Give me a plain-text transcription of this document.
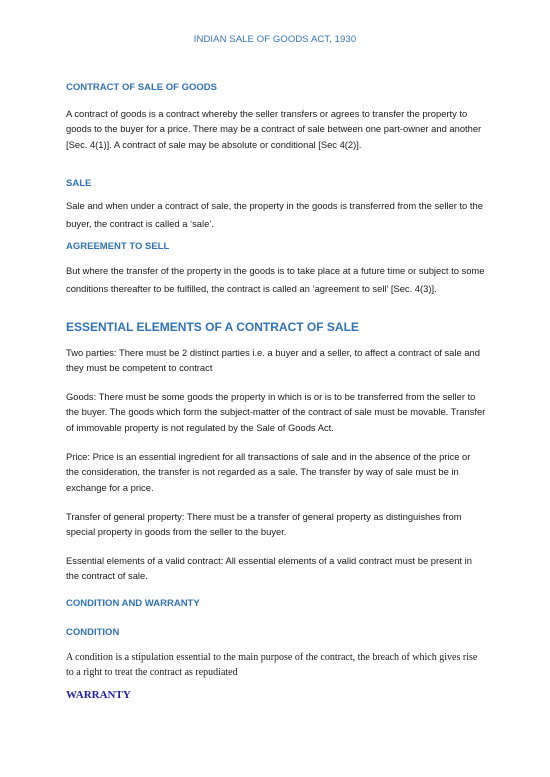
INDIAN SALE OF GOODS ACT, 1930
CONTRACT OF SALE OF GOODS

A contract of goods is a contract whereby the seller transfers or agrees to transfer the property to goods to the buyer for a price. There may be a contract of sale between one part-owner and another [Sec. 4(1)]. A contract of sale may be absolute or conditional [Sec 4(2)].

SALE

Sale and when under a contract of sale, the property in the goods is transferred from the seller to the buyer, the contract is called a ‘sale’.

AGREEMENT TO SELL

But where the transfer of the property in the goods is to take place at a future time or subject to some conditions thereafter to be fulfilled, the contract is called an ‘agreement to sell’ [Sec. 4(3)].

ESSENTIAL ELEMENTS OF A CONTRACT OF SALE

Two parties: There must be 2 distinct parties i.e. a buyer and a seller, to affect a contract of sale and they must be competent to contract

Goods: There must be some goods the property in which is or is to be transferred from the seller to the buyer. The goods which form the subject-matter of the contract of sale must be movable. Transfer of immovable property is not regulated by the Sale of Goods Act.

Price: Price is an essential ingredient for all transactions of sale and in the absence of the price or the consideration, the transfer is not regarded as a sale. The transfer by way of sale must be in exchange for a price.

Transfer of general property: There must be a transfer of general property as distinguishes from special property in goods from the seller to the buyer.

Essential elements of a valid contract: All essential elements of a valid contract must be present in the contract of sale.

CONDITION AND WARRANTY
CONDITION

A condition is a stipulation essential to the main purpose of the contract, the breach of which gives rise to a right to treat the contract as repudiated

WARRANTY
